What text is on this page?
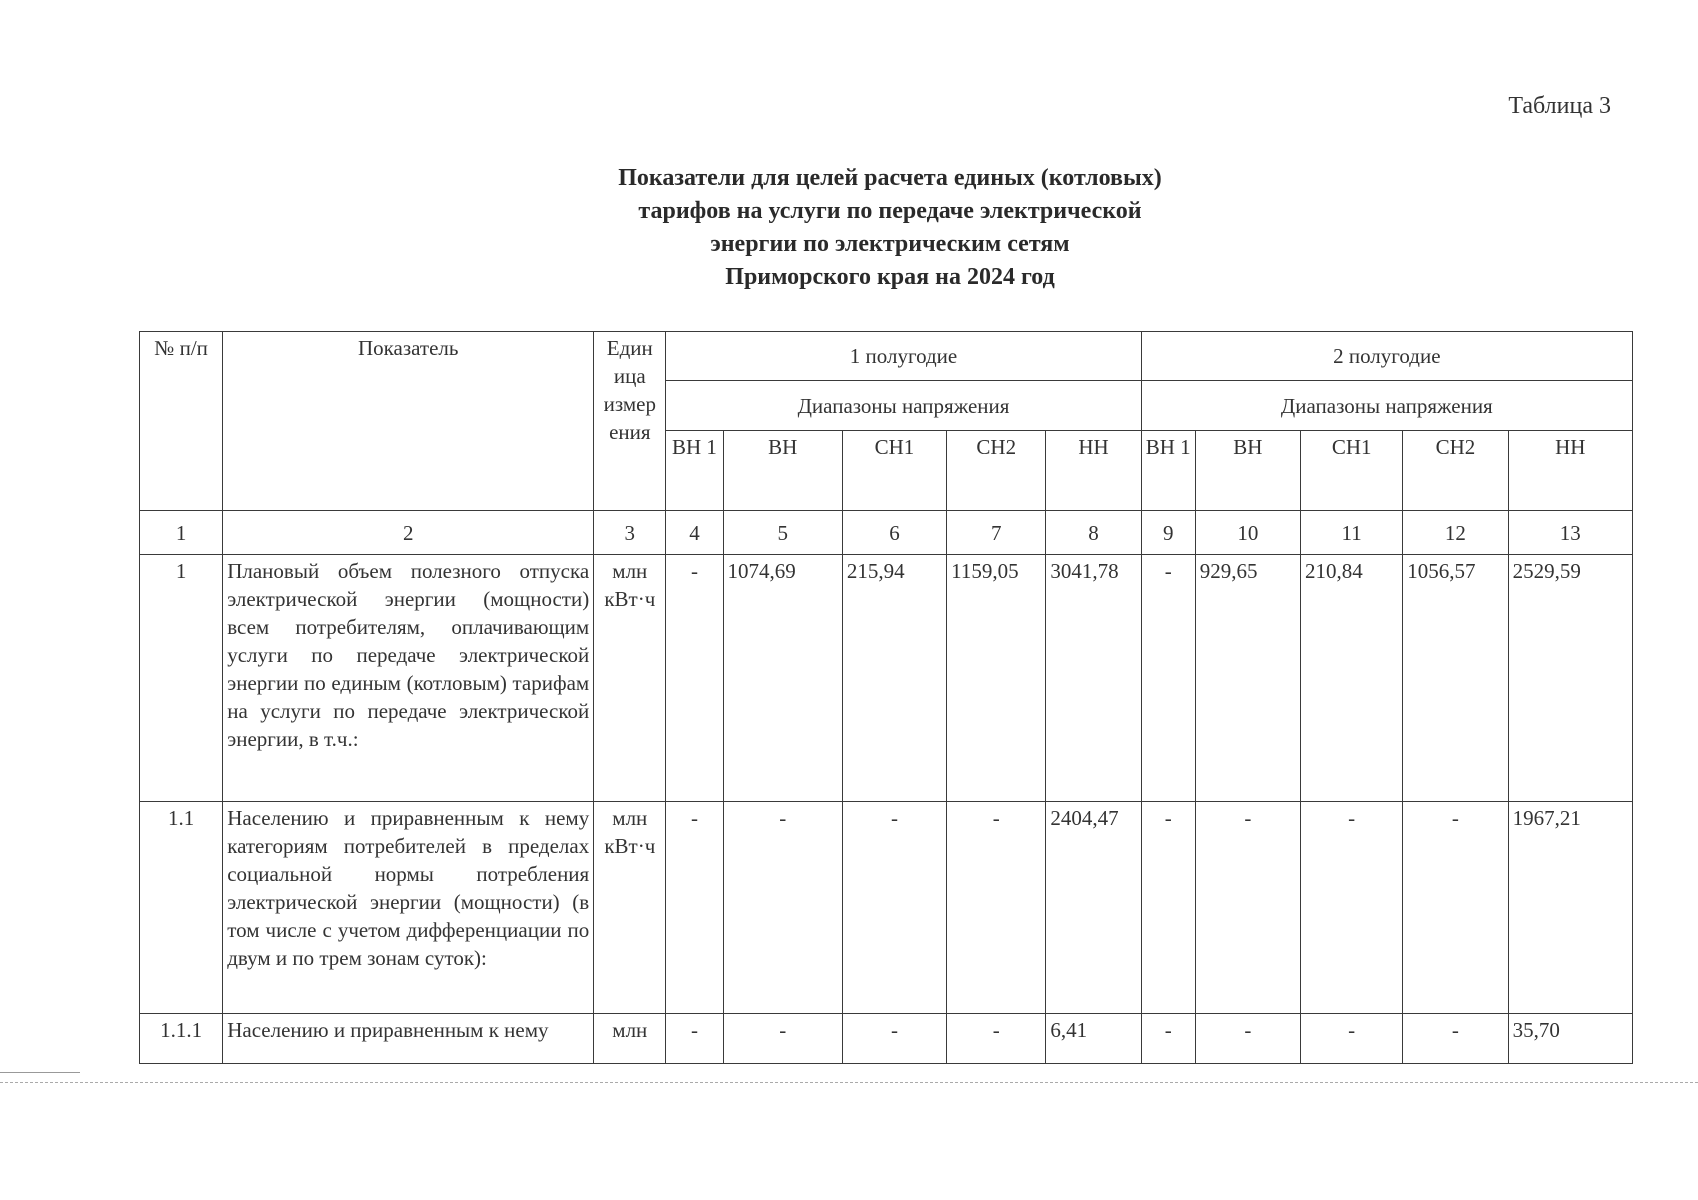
Таблица 3
Показатели для целей расчета единых (котловых)
тарифов на услуги по передаче электрической
энергии по электрическим сетям
Приморского края на 2024 год
№ п/п	Показатель	Един ица измер ения	1 полугодие					2 полугодие				
			Диапазоны напряжения					Диапазоны напряжения				
			ВН 1	ВН	СН1	СН2	НН	ВН 1	ВН	СН1	СН2	НН
1	2	3	4	5	6	7	8	9	10	11	12	13
1	Плановый объем полезного отпуска электрической энергии (мощности) всем потребителям, оплачивающим услуги по передаче электрической энергии по единым (котловым) тарифам на услуги по передаче электрической энергии, в т.ч.:	млн кВт·ч	-	1074,69	215,94	1159,05	3041,78	-	929,65	210,84	1056,57	2529,59
1.1	Населению и приравненным к нему категориям потребителей в пределах социальной нормы потребления электрической энергии (мощности) (в том числе с учетом дифференциации по двум и по трем зонам суток):	млн кВт·ч	-	-	-	-	2404,47	-	-	-	-	1967,21
1.1.1	Населению и приравненным к нему	млн	-	-	-	-	6,41	-	-	-	-	35,70
